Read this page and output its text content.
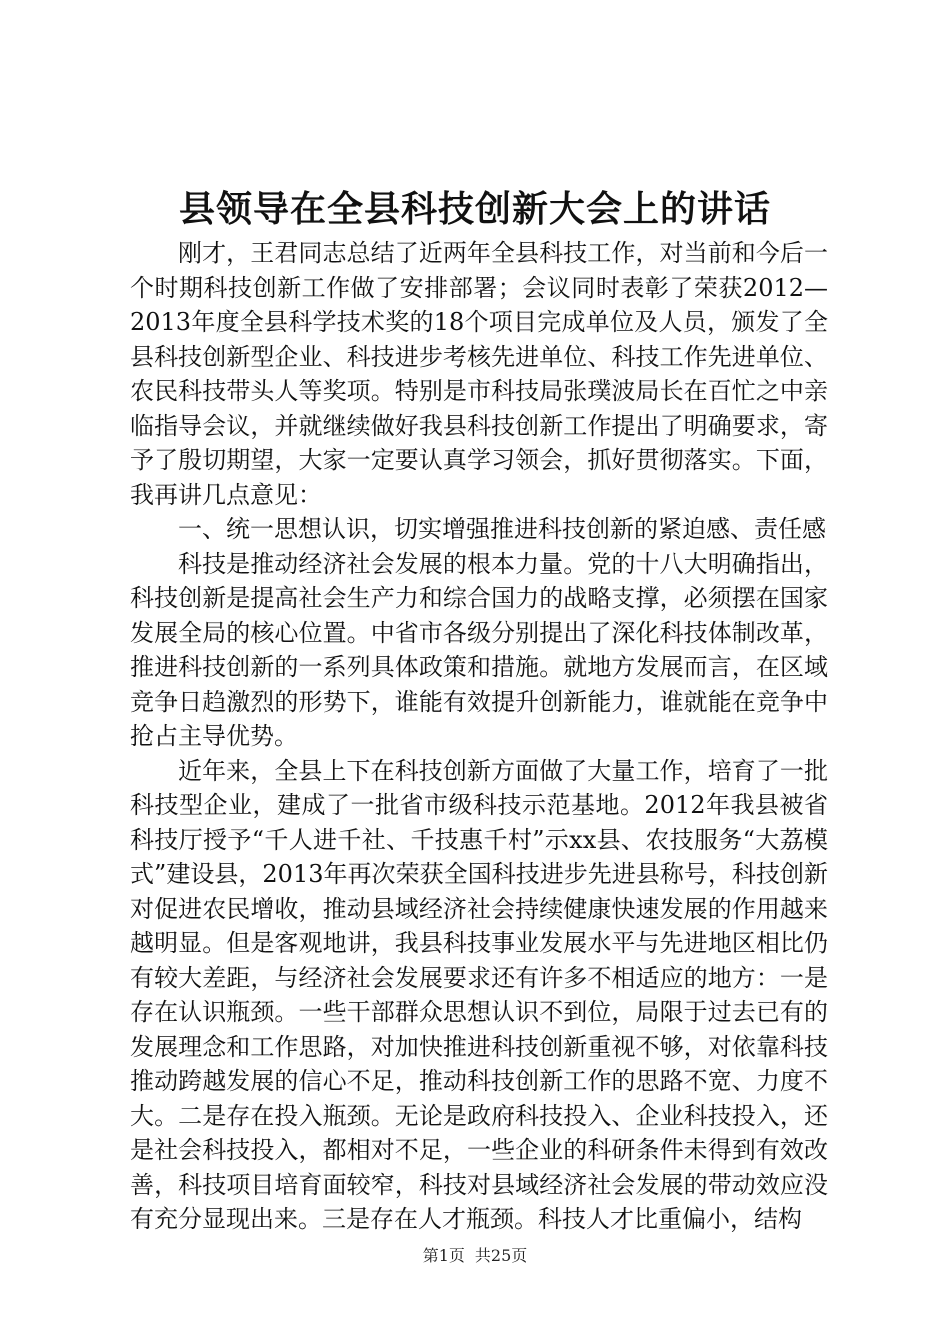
县领导在全县科技创新大会上的讲话

刚才，王君同志总结了近两年全县科技工作，对当前和今后一个时期科技创新工作做了安排部署；会议同时表彰了荣获2012—2013年度全县科学技术奖的18个项目完成单位及人员，颁发了全县科技创新型企业、科技进步考核先进单位、科技工作先进单位、农民科技带头人等奖项。特别是市科技局张璞波局长在百忙之中亲临指导会议，并就继续做好我县科技创新工作提出了明确要求，寄予了殷切期望，大家一定要认真学习领会，抓好贯彻落实。下面，我再讲几点意见：

一、统一思想认识，切实增强推进科技创新的紧迫感、责任感

科技是推动经济社会发展的根本力量。党的十八大明确指出，科技创新是提高社会生产力和综合国力的战略支撑，必须摆在国家发展全局的核心位置。中省市各级分别提出了深化科技体制改革，推进科技创新的一系列具体政策和措施。就地方发展而言，在区域竞争日趋激烈的形势下，谁能有效提升创新能力，谁就能在竞争中抢占主导优势。

近年来，全县上下在科技创新方面做了大量工作，培育了一批科技型企业，建成了一批省市级科技示范基地。2012年我县被省科技厅授予“千人进千社、千技惠千村”示xx县、农技服务“大荔模式”建设县，2013年再次荣获全国科技进步先进县称号，科技创新对促进农民增收，推动县域经济社会持续健康快速发展的作用越来越明显。但是客观地讲，我县科技事业发展水平与先进地区相比仍有较大差距，与经济社会发展要求还有许多不相适应的地方：一是存在认识瓶颈。一些干部群众思想认识不到位，局限于过去已有的发展理念和工作思路，对加快推进科技创新重视不够，对依靠科技推动跨越发展的信心不足，推动科技创新工作的思路不宽、力度不大。二是存在投入瓶颈。无论是政府科技投入、企业科技投入，还是社会科技投入，都相对不足，一些企业的科研条件未得到有效改善，科技项目培育面较窄，科技对县域经济社会发展的带动效应没有充分显现出来。三是存在人才瓶颈。科技人才比重偏小，结构

第1页 共25页
